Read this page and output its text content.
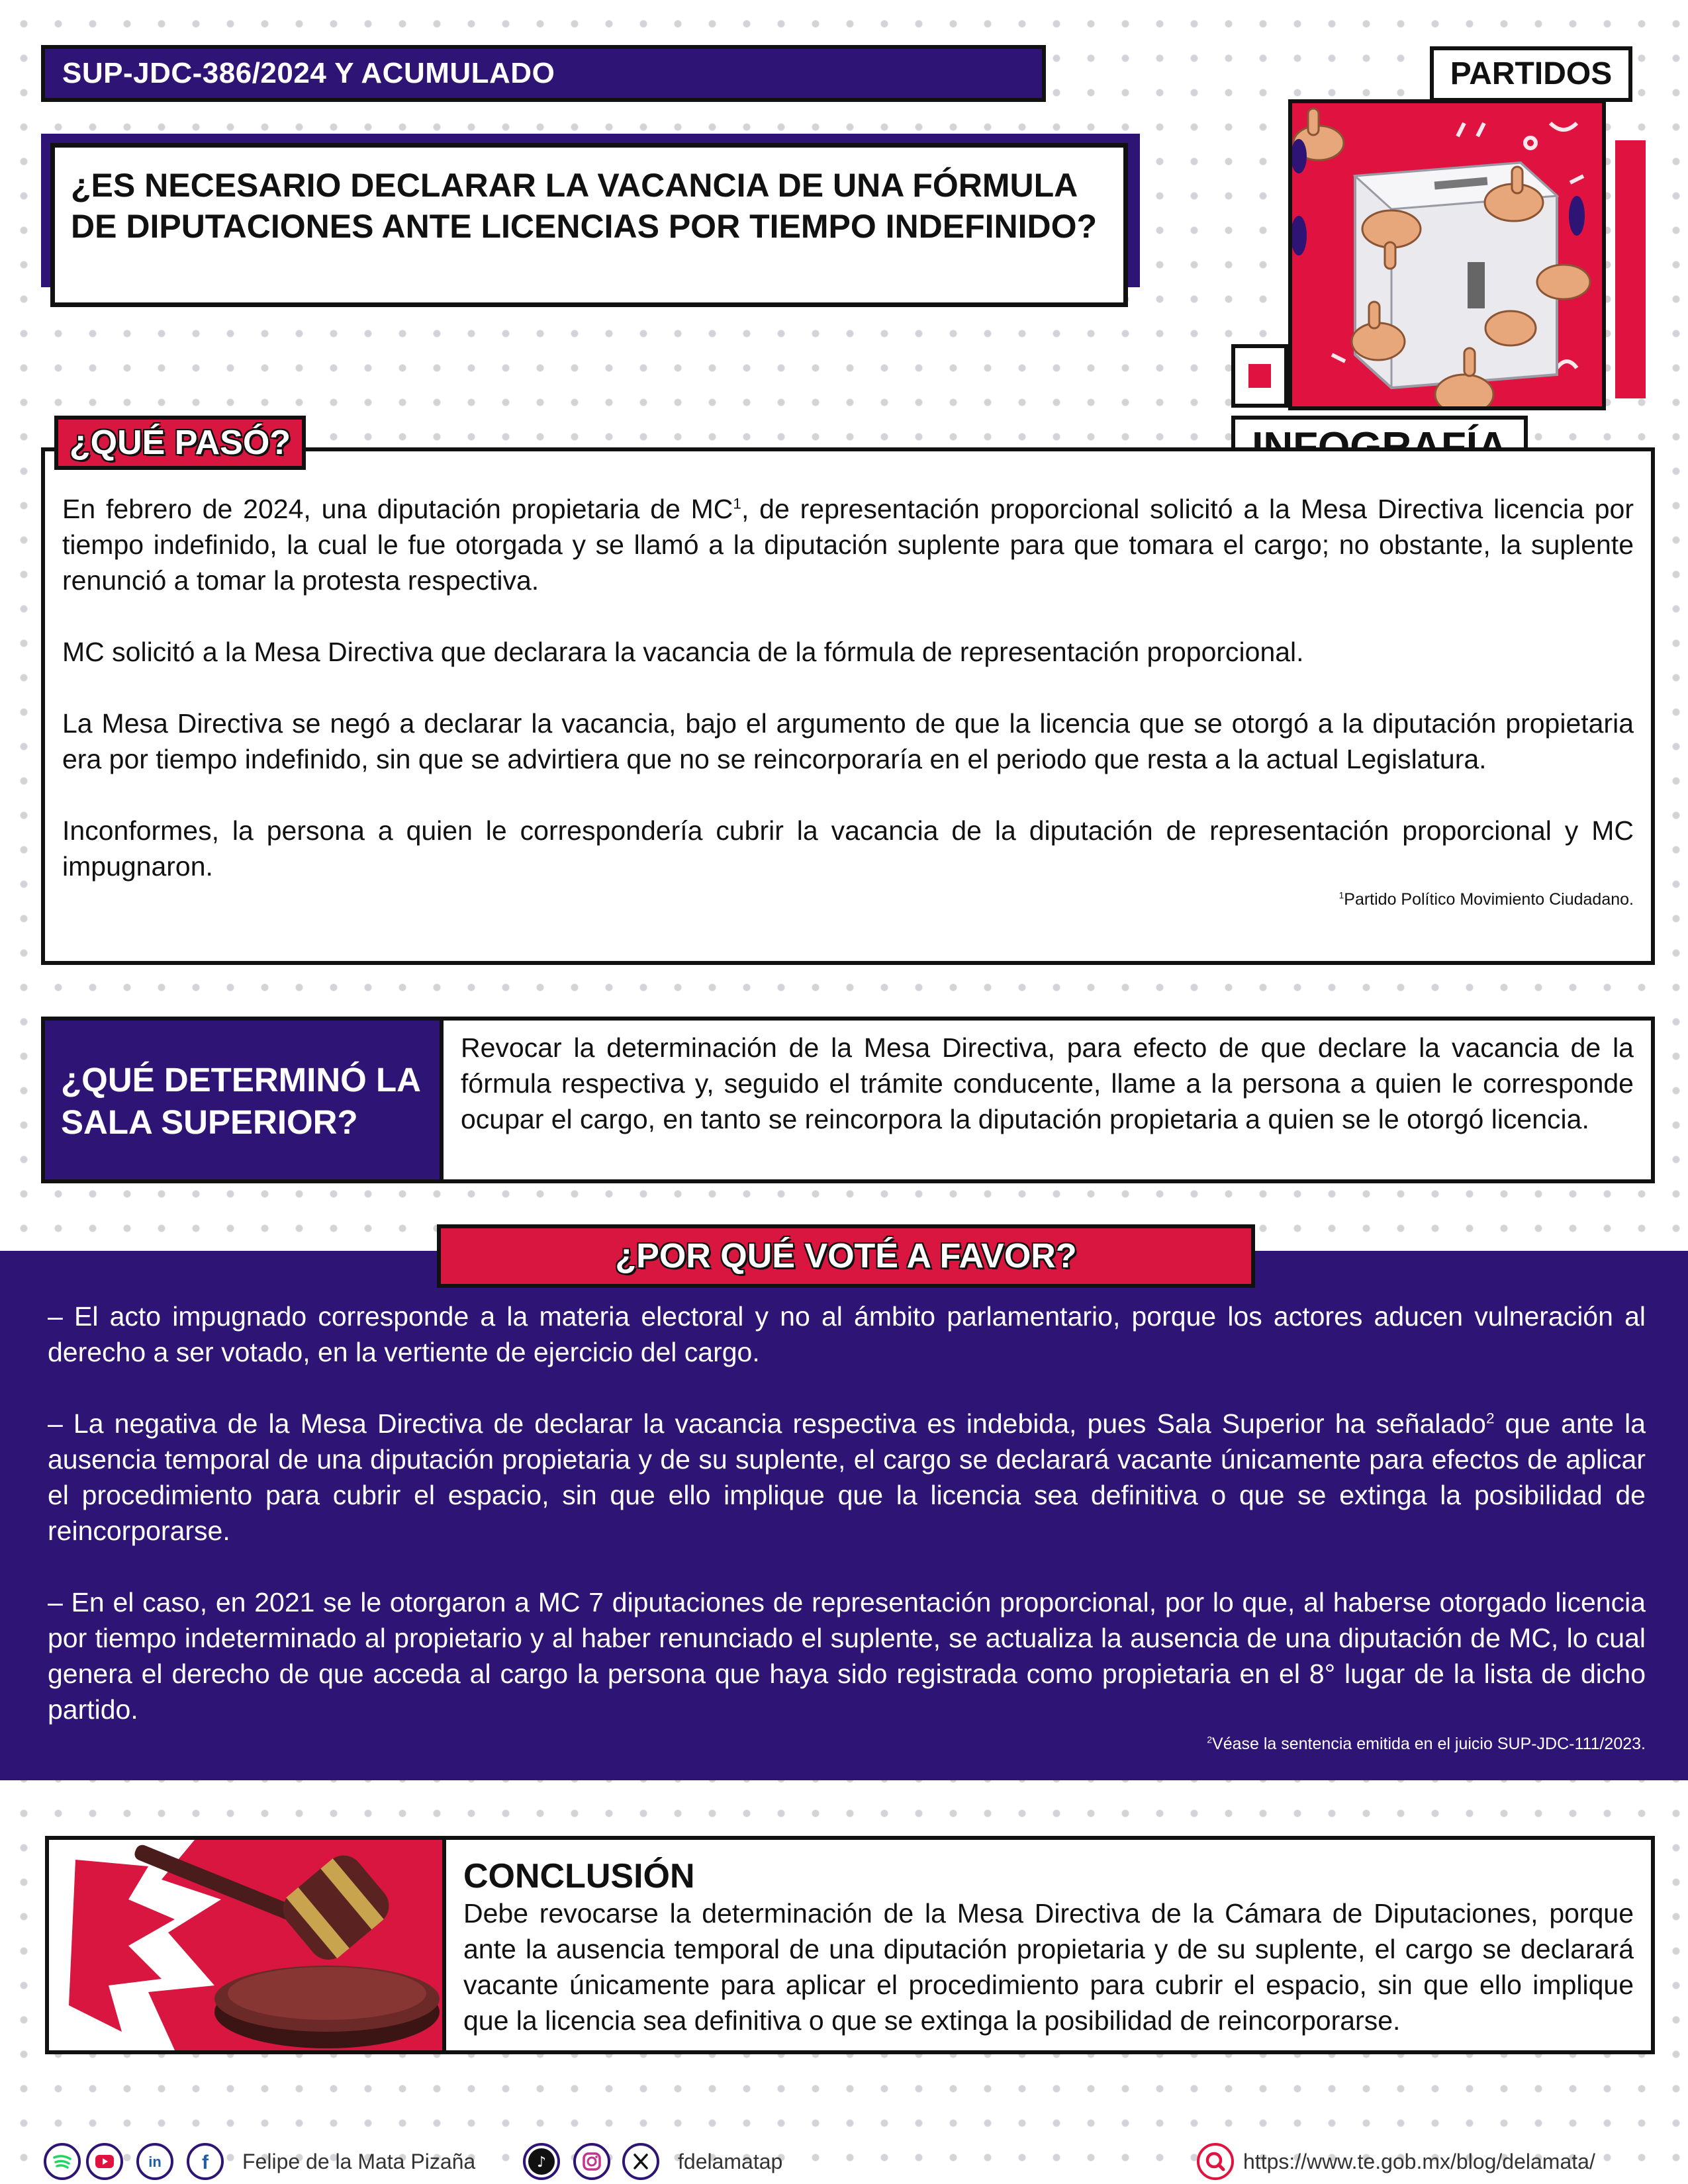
SUP-JDC-386/2024 Y ACUMULADO	PARTIDOS
¿ES NECESARIO DECLARAR LA VACANCIA DE UNA FÓRMULA DE DIPUTACIONES ANTE LICENCIAS POR TIEMPO INDEFINIDO?

En febrero de 2024, una diputación propietaria de $MC^1$, de representación proporcional solicitó a la Mesa Directiva licencia por tiempo indefinido, la cual le fue otorgada y se llamó a la diputación suplente para que tomara el cargo; no obstante, la suplente renunció a tomar la protesta respectiva.

MC solicitó a la Mesa Directiva que declarara la vacancia de la fórmula de representación proporcional.

La Mesa Directiva se negó a declarar la vacancia, bajo el argumento de que la licencia que se otorgó a la diputación propietaria era por tiempo indefinido, sin que se advirtiera que no se reincorporaría en el periodo que resta a la actual Legislatura.

Inconformes, la persona a quien le correspondería cubrir la vacancia de la diputación de representación proporcional y MC impugnaron.

$^1$Partido Político Movimiento Ciudadano.
¿QUÉ PASÓ?
¿QUÉ DETERMINÓ LA SALA SUPERIOR?
Revocar la determinación de la Mesa Directiva, para efecto de que declare la vacancia de la fórmula respectiva y, seguido el trámite conducente, llame a la persona a quien le corresponde ocupar el cargo, en tanto se reincorpora la diputación propietaria a quien se le otorgó licencia.
¿POR QUÉ VOTÉ A FAVOR?

– El acto impugnado corresponde a la materia electoral y no al ámbito parlamentario, porque los actores aducen vulneración al derecho a ser votado, en la vertiente de ejercicio del cargo.

– La negativa de la Mesa Directiva de declarar la vacancia respectiva es indebida, pues Sala Superior ha señalado$^2$ que ante la ausencia temporal de una diputación propietaria y de su suplente, el cargo se declarará vacante únicamente para efectos de aplicar el procedimiento para cubrir el espacio, sin que ello implique que la licencia sea definitiva o que se extinga la posibilidad de reincorporarse.

– En el caso, en 2021 se le otorgaron a MC 7 diputaciones de representación proporcional, por lo que, al haberse otorgado licencia por tiempo indeterminado al propietario y al haber renunciado el suplente, se actualiza la ausencia de una diputación de MC, lo cual genera el derecho de que acceda al cargo la persona que haya sido registrada como propietaria en el 8° lugar de la lista de dicho partido.

$^2$Véase la sentencia emitida en el juicio SUP-JDC-111/2023.
CONCLUSIÓN
Debe revocarse la determinación de la Mesa Directiva de la Cámara de Diputaciones, porque ante la ausencia temporal de una diputación propietaria y de su suplente, el cargo se declarará vacante únicamente para aplicar el procedimiento para cubrir el espacio, sin que ello implique que la licencia sea definitiva o que se extinga la posibilidad de reincorporarse.
in f Felipe de la Mata Pizaña	♪	fdelamatap	https://www.te.gob.mx/blog/delamata/
